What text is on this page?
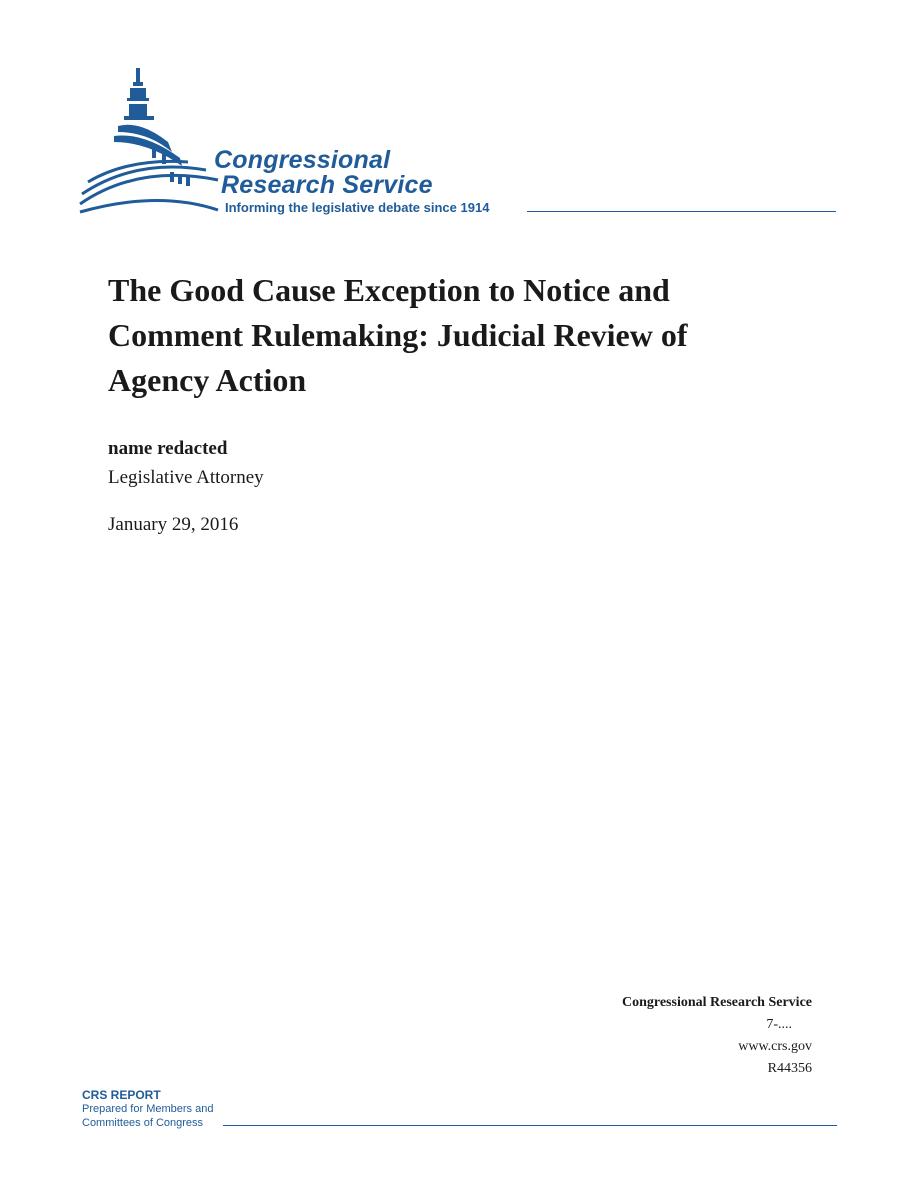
Congressional
Research Service
Informing the legislative debate since 1914
The Good Cause Exception to Notice and Comment Rulemaking: Judicial Review of Agency Action
name redacted
Legislative Attorney
January 29, 2016
Congressional Research Service
7-....
www.crs.gov
R44356
CRS REPORT
Prepared for Members and
Committees of Congress
